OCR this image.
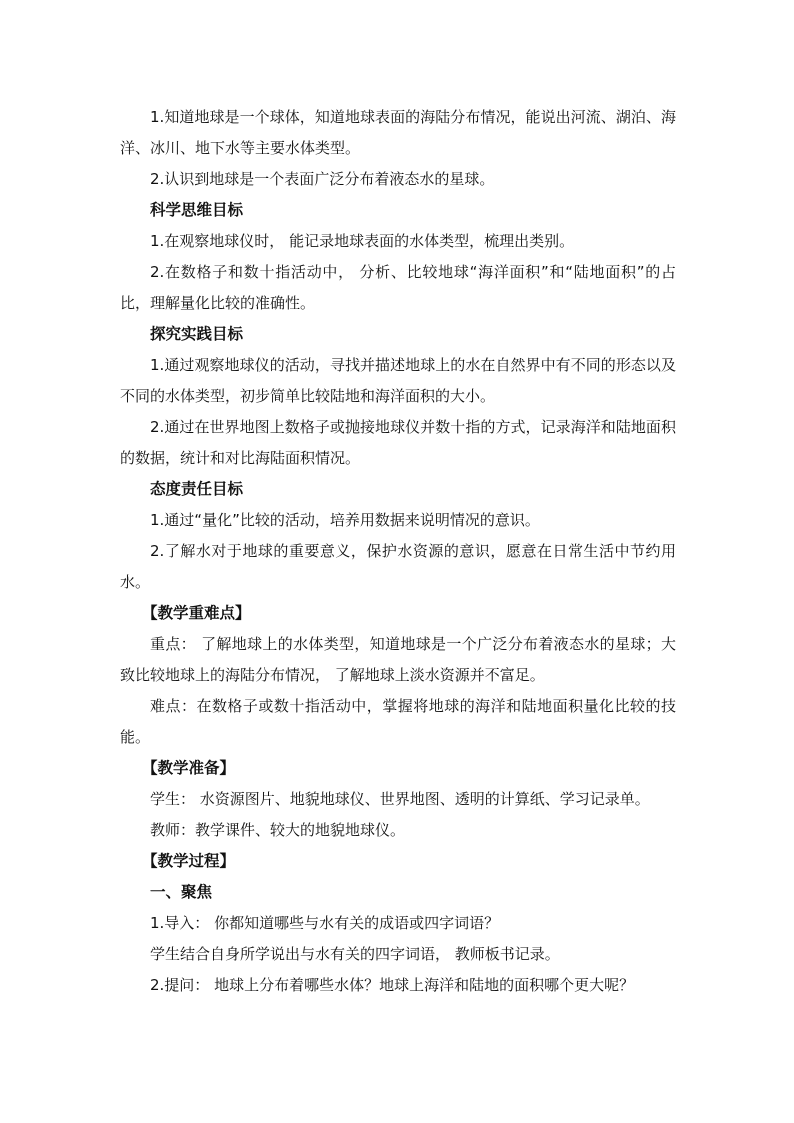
1.知道地球是一个球体，知道地球表面的海陆分布情况，能说出河流、湖泊、海洋、冰川、地下水等主要水体类型。

2.认识到地球是一个表面广泛分布着液态水的星球。

科学思维目标

1.在观察地球仪时， 能记录地球表面的水体类型，梳理出类别。

2.在数格子和数十指活动中， 分析、比较地球“海洋面积”和“陆地面积”的占比，理解量化比较的准确性。

探究实践目标

1.通过观察地球仪的活动，寻找并描述地球上的水在自然界中有不同的形态以及不同的水体类型，初步简单比较陆地和海洋面积的大小。

2.通过在世界地图上数格子或抛接地球仪并数十指的方式，记录海洋和陆地面积的数据，统计和对比海陆面积情况。

态度责任目标

1.通过“量化”比较的活动，培养用数据来说明情况的意识。

2.了解水对于地球的重要意义，保护水资源的意识，愿意在日常生活中节约用水。

【教学重难点】

重点： 了解地球上的水体类型，知道地球是一个广泛分布着液态水的星球；大致比较地球上的海陆分布情况， 了解地球上淡水资源并不富足。

难点：在数格子或数十指活动中，掌握将地球的海洋和陆地面积量化比较的技能。

【教学准备】

学生： 水资源图片、地貌地球仪、世界地图、透明的计算纸、学习记录单。

教师：教学课件、较大的地貌地球仪。

【教学过程】

一、聚焦

1.导入： 你都知道哪些与水有关的成语或四字词语？

学生结合自身所学说出与水有关的四字词语， 教师板书记录。

2.提问： 地球上分布着哪些水体？地球上海洋和陆地的面积哪个更大呢？
